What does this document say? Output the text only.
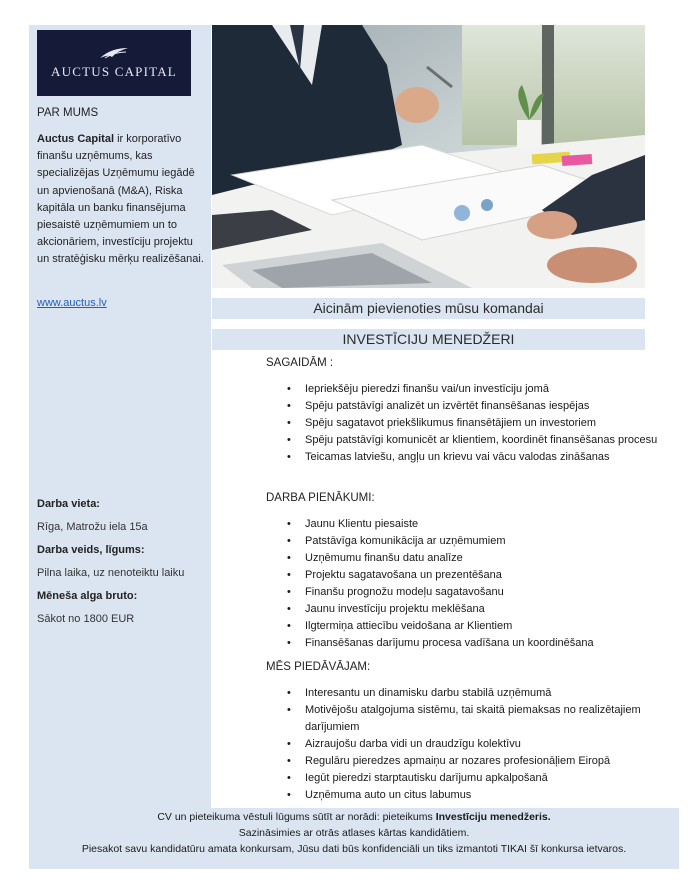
AUCTUS CAPITAL
PAR MUMS
Auctus Capital ir korporatīvo finanšu uzņēmums, kas specializējas Uzņēmumu iegādē un apvienošanā (M&A), Riska kapitāla un banku finansējuma piesaistē uzņēmumiem un to akcionāriem, investīciju projektu un stratēģisku mērķu realizēšanai.
www.auctus.lv
Darba vieta:
Rīga, Matrožu iela 15a
Darba veids, līgums:
Pilna laika, uz nenoteiktu laiku
Mēneša alga bruto:
Sākot no 1800 EUR
Aicinām pievienoties mūsu komandai
INVESTĪCIJU MENEDŽERI
SAGAIDĀM :
• Iepriekšēju pieredzi finanšu vai/un investīciju jomā
• Spēju patstāvīgi analizēt un izvērtēt finansēšanas iespējas
• Spēju sagatavot priekšlikumus finansētājiem un investoriem
• Spēju patstāvīgi komunicēt ar klientiem, koordinēt finansēšanas procesu
• Teicamas latviešu, angļu un krievu vai vācu valodas zināšanas
DARBA PIENĀKUMI:
• Jaunu Klientu piesaiste
• Patstāvīga komunikācija ar uzņēmumiem
• Uzņēmumu finanšu datu analīze
• Projektu sagatavošana un prezentēšana
• Finanšu prognožu modeļu sagatavošanu
• Jaunu investīciju projektu meklēšana
• Ilgtermiņa attiecību veidošana ar Klientiem
• Finansēšanas darījumu procesa vadīšana un koordinēšana
MĒS PIEDĀVĀJAM:
• Interesantu un dinamisku darbu stabilā uzņēmumā
• Motivējošu atalgojuma sistēmu, tai skaitā piemaksas no realizētajiem darījumiem
• Aizraujošu darba vidi un draudzīgu kolektīvu
• Regulāru pieredzes apmaiņu ar nozares profesionāļiem Eiropā
• Iegūt pieredzi starptautisku darījumu apkalpošanā
• Uzņēmuma auto un citus labumus
CV un pieteikuma vēstuli lūgums sūtīt ar norādi: pieteikums Investīciju menedžeris.
Sazināsimies ar otrās atlases kārtas kandidātiem.
Piesakot savu kandidatūru amata konkursam, Jūsu dati būs konfidenciāli un tiks izmantoti TIKAI šī konkursa ietvaros.
